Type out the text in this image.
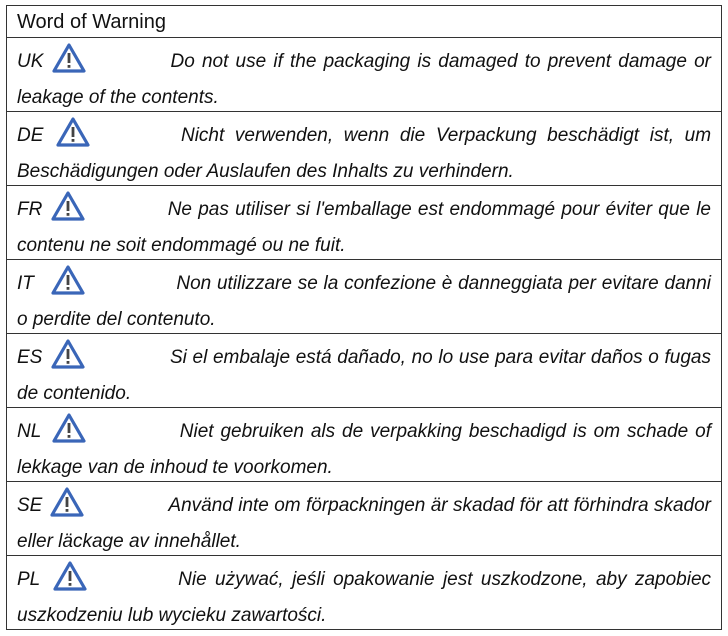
Word of Warning
UK	Do not use if the packaging is damaged to prevent damage or leakage of the contents.
DE	Nicht verwenden, wenn die Verpackung beschädigt ist, um Beschädigungen oder Auslaufen des Inhalts zu verhindern.
FR	Ne pas utiliser si l'emballage est endommagé pour éviter que le contenu ne soit endommagé ou ne fuit.
IT	Non utilizzare se la confezione è danneggiata per evitare danni o perdite del contenuto.
ES	Si el embalaje está dañado, no lo use para evitar daños o fugas de contenido.
NL	Niet gebruiken als de verpakking beschadigd is om schade of lekkage van de inhoud te voorkomen.
SE	Använd inte om förpackningen är skadad för att förhindra skador eller läckage av innehållet.
PL	Nie używać, jeśli opakowanie jest uszkodzone, aby zapobiec uszkodzeniu lub wycieku zawartości.
